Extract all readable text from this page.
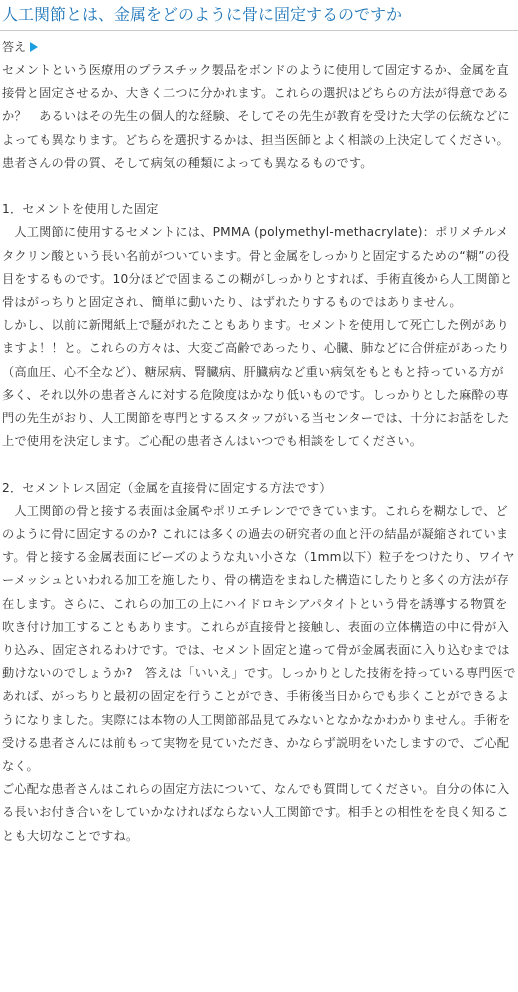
人工関節とは、金属をどのように骨に固定するのですか
答え

セメントという医療用のプラスチック製品をボンドのように使用して固定するか、金属を直接骨と固定させるか、大きく二つに分かれます。これらの選択はどちらの方法が得意であるか？　あるいはその先生の個人的な経験、そしてその先生が教育を受けた大学の伝統などによっても異なります。どちらを選択するかは、担当医師とよく相談の上決定してください。患者さんの骨の質、そして病気の種類によっても異なるものです。

1．セメントを使用した固定

　人工関節に使用するセメントには、PMMA (polymethyl-methacrylate)：ポリメチルメタクリン酸という長い名前がついています。骨と金属をしっかりと固定するための“糊”の役目をするものです。10分ほどで固まるこの糊がしっかりとすれば、手術直後から人工関節と骨はがっちりと固定され、簡単に動いたり、はずれたりするものではありません。

しかし、以前に新聞紙上で騒がれたこともあります。セメントを使用して死亡した例がありますよ！！と。これらの方々は、大変ご高齢であったり、心臓、肺などに合併症があったり（高血圧、心不全など）、糖尿病、腎臓病、肝臓病など重い病気をもともと持っている方が多く、それ以外の患者さんに対する危険度はかなり低いものです。しっかりとした麻酔の専門の先生がおり、人工関節を専門とするスタッフがいる当センターでは、十分にお話をした上で使用を決定します。ご心配の患者さんはいつでも相談をしてください。

2．セメントレス固定（金属を直接骨に固定する方法です）

　人工関節の骨と接する表面は金属やポリエチレンでできています。これらを糊なしで、どのように骨に固定するのか? これには多くの過去の研究者の血と汗の結晶が凝縮されています。骨と接する金属表面にビーズのような丸い小さな（1mm以下）粒子をつけたり、ワイヤーメッシュといわれる加工を施したり、骨の構造をまねした構造にしたりと多くの方法が存在します。さらに、これらの加工の上にハイドロキシアパタイトという骨を誘導する物質を吹き付け加工することもあります。これらが直接骨と接触し、表面の立体構造の中に骨が入り込み、固定されるわけです。では、セメント固定と違って骨が金属表面に入り込むまでは動けないのでしょうか?　答えは「いいえ」です。しっかりとした技術を持っている専門医であれば、がっちりと最初の固定を行うことができ、手術後当日からでも歩くことができるようになりました。実際には本物の人工関節部品見てみないとなかなかわかりません。手術を受ける患者さんには前もって実物を見ていただき、かならず説明をいたしますので、ご心配なく。

ご心配な患者さんはこれらの固定方法について、なんでも質問してください。自分の体に入る長いお付き合いをしていかなければならない人工関節です。相手との相性をを良く知ることも大切なことですね。
